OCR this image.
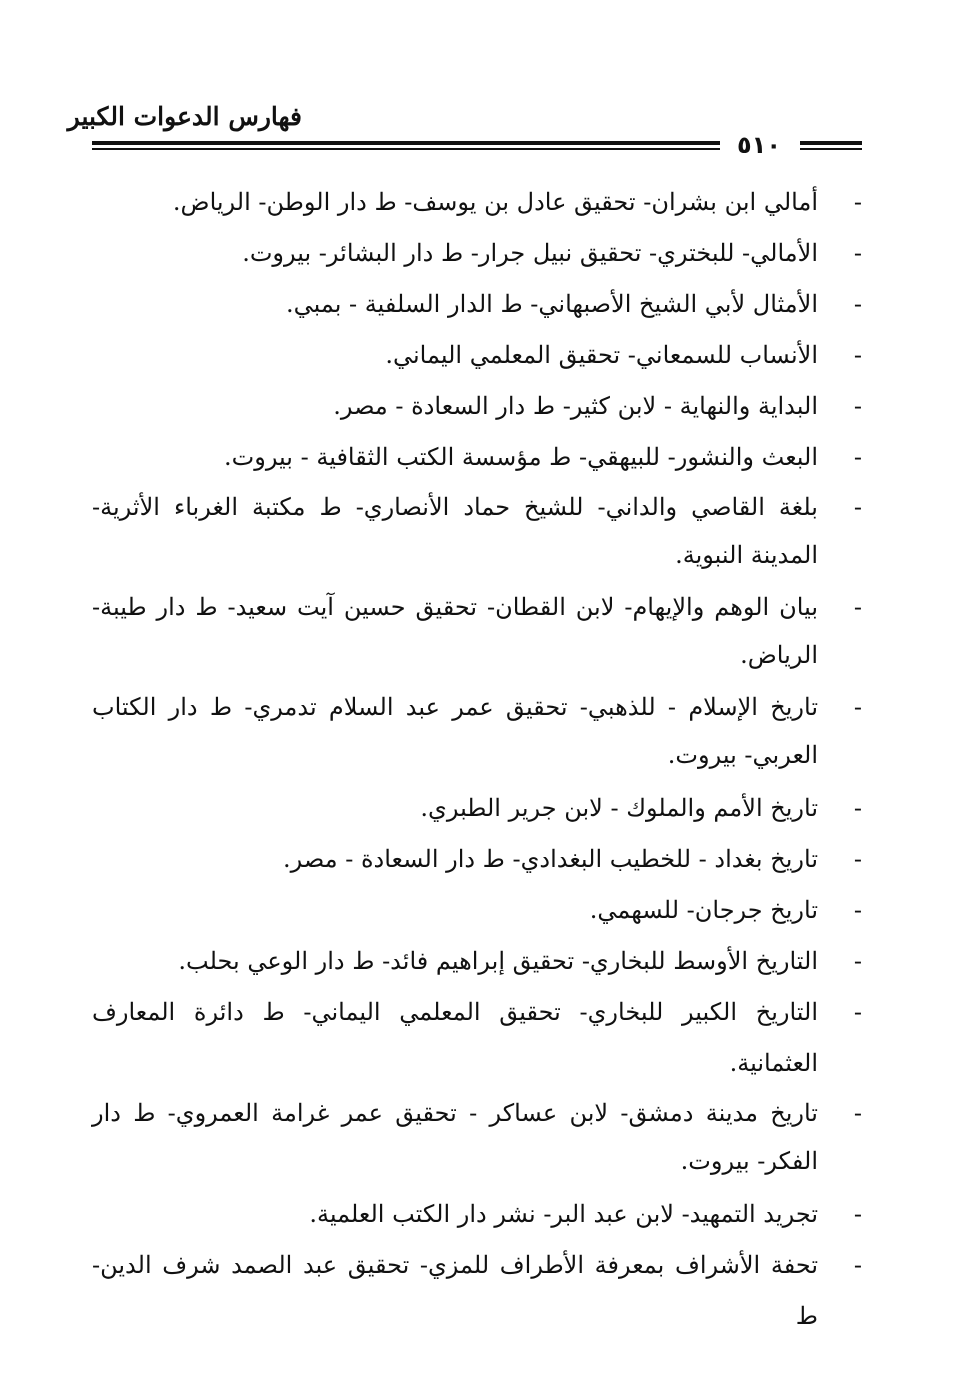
فهارس الدعوات الكبير
٥١٠
-
أمالي ابن بشران- تحقيق عادل بن يوسف- ط دار الوطن- الرياض.
-
الأمالي- للبختري- تحقيق نبيل جرار- ط دار البشائر- بيروت.
-
الأمثال لأبي الشيخ الأصبهاني- ط الدار السلفية - بمبي.
-
الأنساب للسمعاني- تحقيق المعلمي اليماني.
-
البداية والنهاية - لابن كثير- ط دار السعادة - مصر.
-
البعث والنشور- للبيهقي- ط مؤسسة الكتب الثقافية - بيروت.
-
بلغة القاصي والداني- للشيخ حماد الأنصاري- ط مكتبة الغرباء الأثرية- المدينة النبوية.
-
بيان الوهم والإيهام- لابن القطان- تحقيق حسين آيت سعيد- ط دار طيبة- الرياض.
-
تاريخ الإسلام - للذهبي- تحقيق عمر عبد السلام تدمري- ط دار الكتاب العربي- بيروت.
-
تاريخ الأمم والملوك - لابن جرير الطبري.
-
تاريخ بغداد - للخطيب البغدادي- ط دار السعادة - مصر.
-
تاريخ جرجان- للسهمي.
-
التاريخ الأوسط للبخاري- تحقيق إبراهيم فائد- ط دار الوعي بحلب.
-
التاريخ الكبير للبخاري- تحقيق المعلمي اليماني- ط دائرة المعارف العثمانية.
-
تاريخ مدينة دمشق- لابن عساكر - تحقيق عمر غرامة العمروي- ط دار الفكر- بيروت.
-
تجريد التمهيد- لابن عبد البر- نشر دار الكتب العلمية.
-
تحفة الأشراف بمعرفة الأطراف للمزي- تحقيق عبد الصمد شرف الدين- ط
